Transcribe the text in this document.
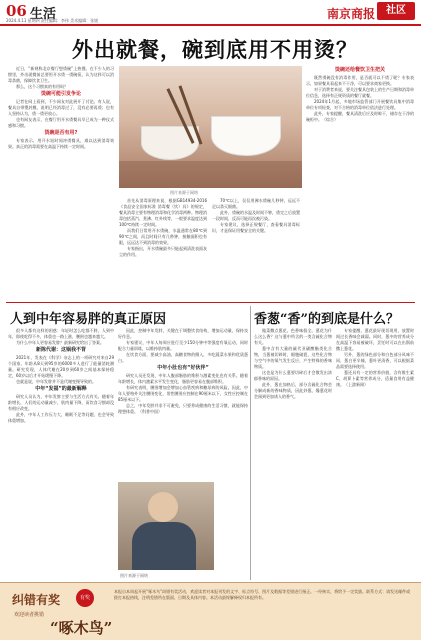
06 生活
2024.4.11 星期四 责任编辑：李伟 美术编辑：张媛	南京商报	社区
外出就餐，碗到底用不用烫？

近日，“新规称北京餐厅想烫碗”上热搜。在不少人的习惯里，外出就餐前总要用开水烫一烫碗筷，认为这样可以消毒杀菌，保障饮食卫生。

那么，这个习惯真的有用吗？

烫碗可能引发争论

记者在网上看到，不少网友对此展开了讨论。有人说，餐具自带塑封膜、说明已经消毒过了，没有必要再烫；也有人坚持认为，烫一烫更放心。

也有网友表示，在餐厅用开水烫餐具早已成为一种仪式感和习惯。

烫碗是否有用?

专家表示，用开水短时间冲烫餐具，难以达到消毒效果。真正的消毒需要在高温下持续一定时间。

图片来源于网络

首先从消毒原理来说，根据GB14934-2016《食品安全国家标准 消毒餐（饮）具》的规定，餐具消毒主要有物理消毒和化学消毒两种。物理消毒包括蒸汽、煮沸、红外线等，一般要求温度达到100℃持续一定时间。

而我们日常用开水烫碗，水温通常在80℃到90℃之间，而且时间只有几秒钟，接触面积也有限，远远达不到消毒的效果。

专家指出，开水烫碗最多只能起到清洗表面灰尘的作用。

70℃以上，仅仅用沸水烫碗几秒钟，远远不足以杀灭细菌。

此外，烫碗的水温及时间不够，烫完之后放置一段时间，反而可能再次被污染。

专家建议，选择正规餐厅，查看餐具消毒标识，才是保证用餐安全的关键。

烫碗还给餐饮卫生把关

既然烫碗没有消毒作用，是否就可以不烫了呢？专家表示，如果餐具看起来不干净，可以要求商家更换。

对于消费者来说，要关注餐具包装上的生产日期和消毒单位信息，选择有正规资质的餐厅就餐。

2024年1月起，多地市场监管部门开展餐饮具集中消毒单位专项检查，对不合格的消毒单位依法进行处理。

此外，专家提醒，餐具清洗后应及时晾干，储存在干净的碗柜中。（综合）

人到中年容易胖的真正原因

很多人都有这样的困惑：年轻时怎么吃都不胖，人到中年，即使吃得不多，体重也一路上涨，腰围也越来越大。

为什么中年人更容易发胖？最新研究给出了答案。

新陈代谢：这锅我不背

2021年，发表在《科学》杂志上的一项研究对来自29个国家、年龄从8天到95岁的6000多人进行了能量消耗测量。研究发现，人体代谢在20岁到60岁之间基本保持稳定，60岁以后才开始缓慢下降。

也就是说，中年发胖并不是代谢变慢导致的。

中年“发福”的最新解释

研究人员认为，中年发胖主要与生活方式有关。随着年龄增长，人们的运动量减少，肌肉量下降，而饮食习惯却没有相应改变。

此外，中年人工作压力大、睡眠不足等问题，也会导致体重增加。

因此，控制中年发胖，关键在于调整饮食结构，增加运动量，保持良好作息。

专家建议，中年人每周应进行至少150分钟中等强度有氧运动，同时配合力量训练，以维持肌肉量。

在饮食方面，要减少高油、高糖食物的摄入，多吃蔬菜水果和优质蛋白。

中年小肚也有“好伙伴”

研究人员还发现，中年人腹部脂肪的堆积与激素变化也有关系。随着年龄增长，体内激素水平发生变化，脂肪更容易在腹部堆积。

有研究表明，腰围增加会增加心血管疾病和糖尿病的风险。因此，中年人要格外关注腰围变化，男性腰围应控制在90厘米以下，女性应控制在85厘米以下。

总之，中年发胖并非不可避免，只要养成健康的生活习惯，就能保持理想体重。（科普中国）

图片来源于网络
香葱“香”的到底是什么？

做菜撒点葱花，色香味俱全。葱花为什么这么香？这与葱中所含的一类含硫化合物有关。

葱中含有大量的硫代亚磺酸酯类化合物，当葱被切碎时，细胞破裂，这些化合物与空气中的氧气发生反应，产生特殊的香味物质。

这也是为什么葱要切碎后才会散发出浓郁香味的原因。

此外，葱在加热后，部分含硫化合物会分解成新的香味物质，因此炒葱、爆葱花时会闻到更加诱人的香气。

专家提醒，葱花最好现切现用，放置时间过长香味会减弱。同时，葱中的营养成分在高温下容易被破坏，烹饪时可以在出锅前撒上葱花。

另外，葱的绿色部分和白色部分风味不同，葱白更辛辣，葱叶更清香，可以根据菜品需要选择使用。

葱还具有一定的营养价值，含有维生素C、胡萝卜素等营养成分，适量食用有益健康。（上游新闻）

纠错有奖	有奖
欢迎读者挑错
“啄木鸟”
本报自本周起开展“啄木鸟”纠错有奖活动，欢迎读者对本报刊发的文字、标点符号、图片及数据等差错进行指正。一经核实，将给予一定奖励。联系方式：请发送邮件或拨打本报热线，注明差错所在版面、日期及具体内容。本活动最终解释权归本报所有。
